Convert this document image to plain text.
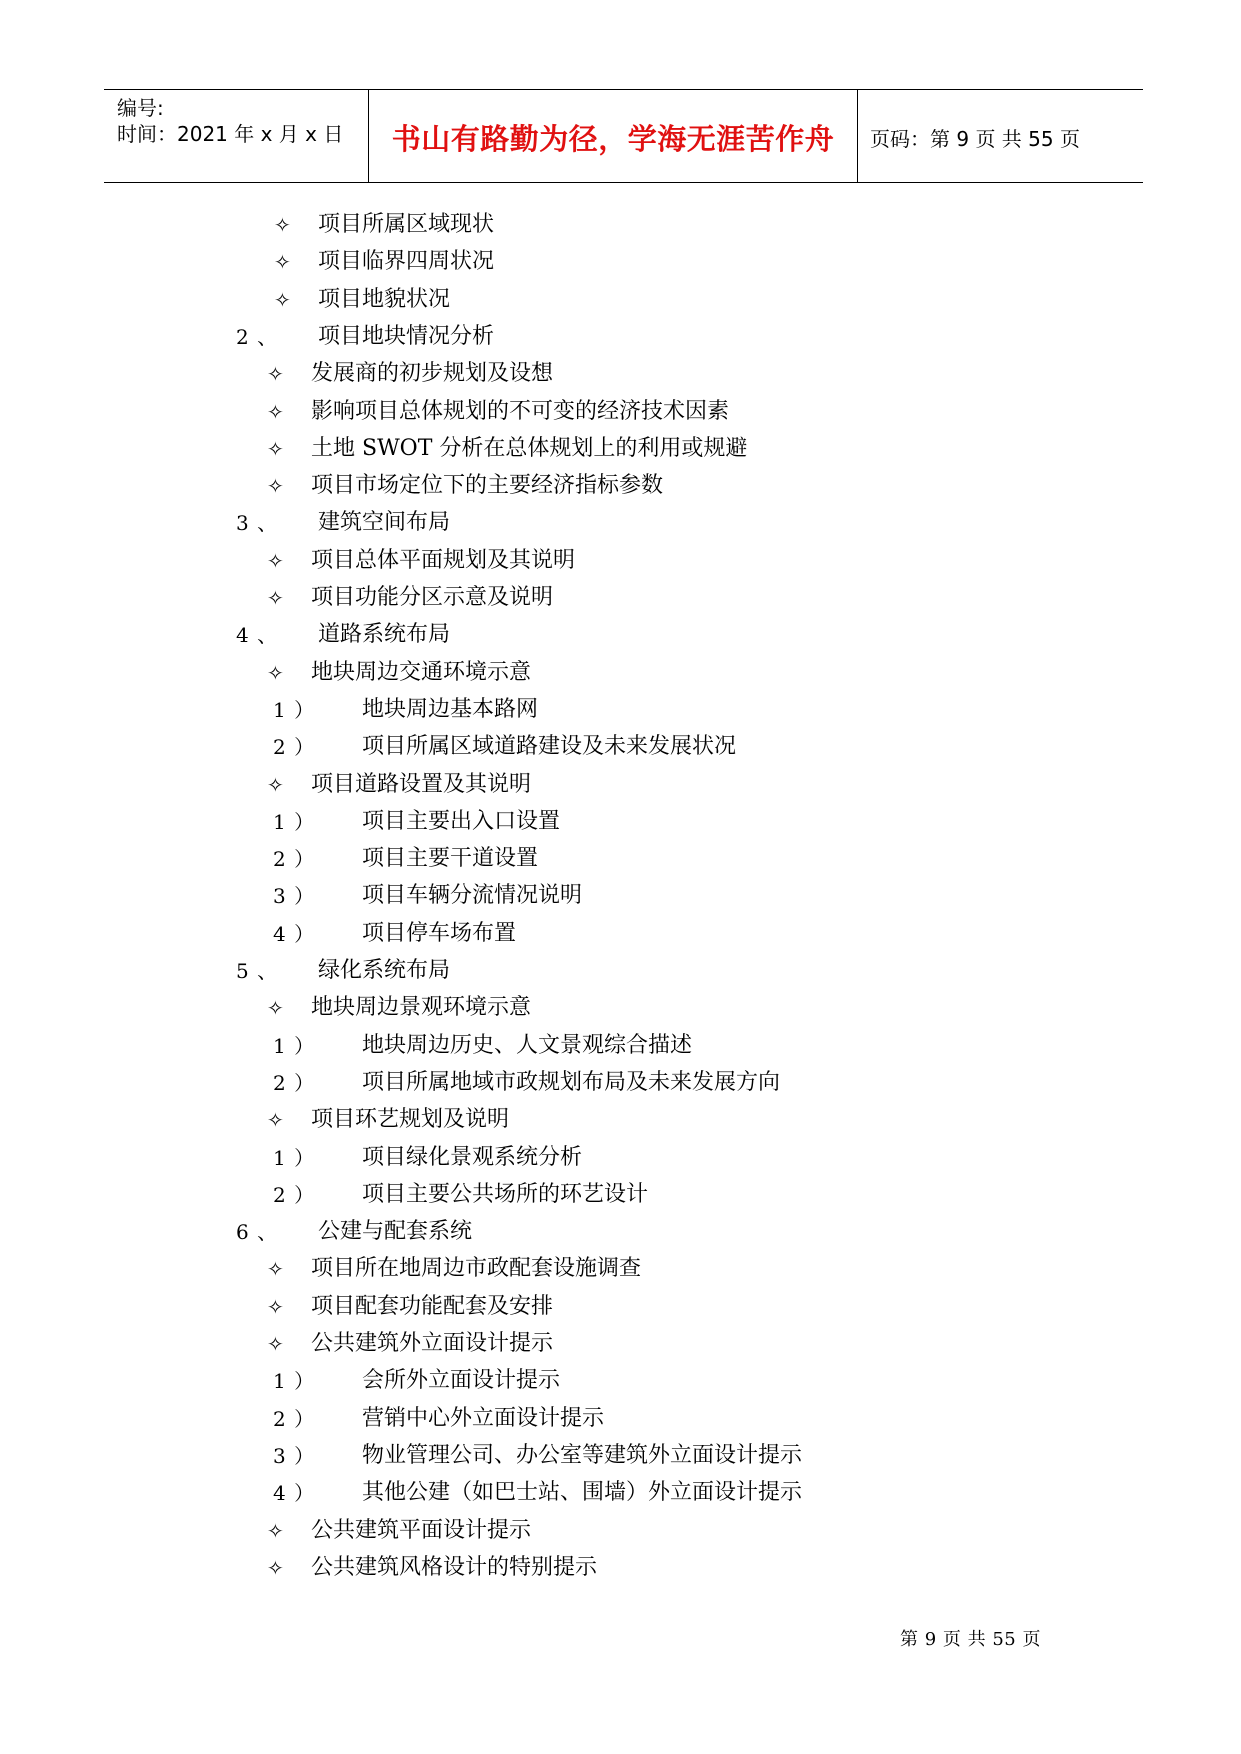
编号:
时间：2021 年 x 月 x 日	书山有路勤为径，学海无涯苦作舟	页码：第 9 页 共 55 页
✧ 项目所属区域现状
✧ 项目临界四周状况
✧ 项目地貌状况
2 、 项目地块情况分析
✧ 发展商的初步规划及设想
✧ 影响项目总体规划的不可变的经济技术因素
✧ 土地 SWOT 分析在总体规划上的利用或规避
✧ 项目市场定位下的主要经济指标参数
3 、 建筑空间布局
✧ 项目总体平面规划及其说明
✧ 项目功能分区示意及说明
4 、 道路系统布局
✧ 地块周边交通环境示意
1 ） 地块周边基本路网
2 ） 项目所属区域道路建设及未来发展状况
✧ 项目道路设置及其说明
1 ） 项目主要出入口设置
2 ） 项目主要干道设置
3 ） 项目车辆分流情况说明
4 ） 项目停车场布置
5 、 绿化系统布局
✧ 地块周边景观环境示意
1 ） 地块周边历史、人文景观综合描述
2 ） 项目所属地域市政规划布局及未来发展方向
✧ 项目环艺规划及说明
1 ） 项目绿化景观系统分析
2 ） 项目主要公共场所的环艺设计
6 、 公建与配套系统
✧ 项目所在地周边市政配套设施调查
✧ 项目配套功能配套及安排
✧ 公共建筑外立面设计提示
1 ） 会所外立面设计提示
2 ） 营销中心外立面设计提示
3 ） 物业管理公司、办公室等建筑外立面设计提示
4 ） 其他公建（如巴士站、围墙）外立面设计提示
✧ 公共建筑平面设计提示
✧ 公共建筑风格设计的特别提示
第 9 页 共 55 页
